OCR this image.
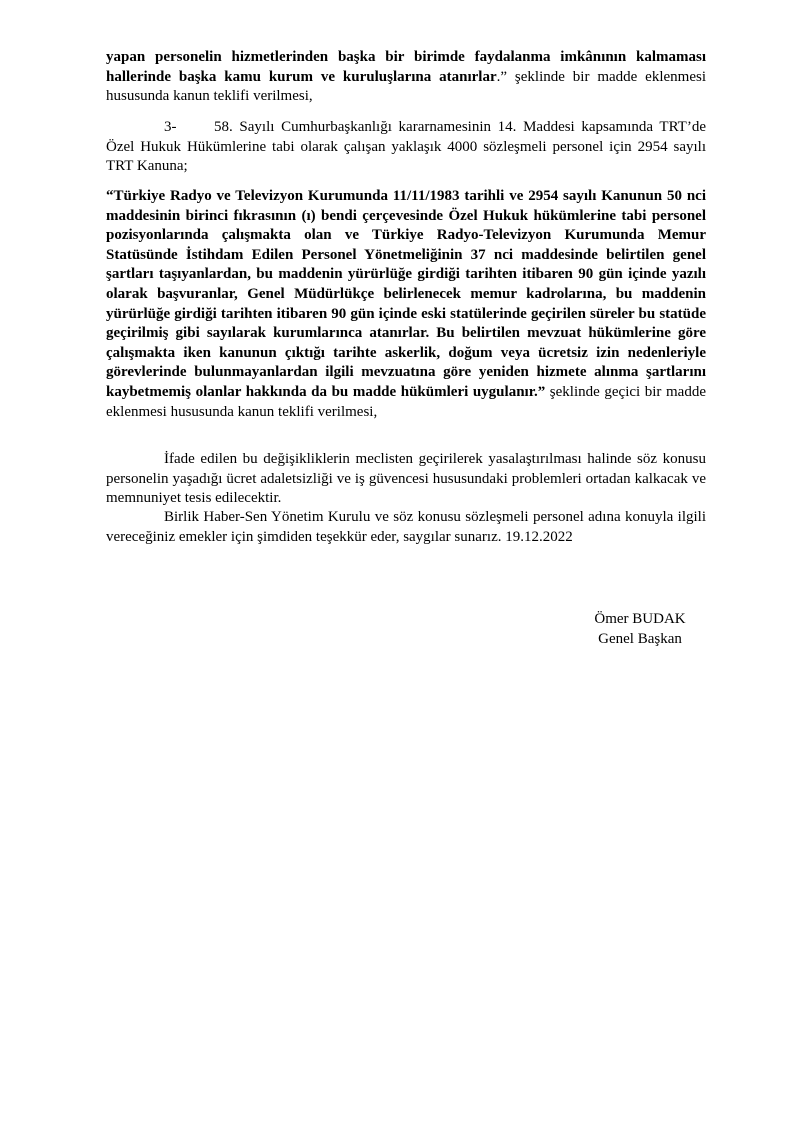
yapan personelin hizmetlerinden başka bir birimde faydalanma imkânının kalmaması hallerinde başka kamu kurum ve kuruluşlarına atanırlar.” şeklinde bir madde eklenmesi hususunda kanun teklifi verilmesi,

3-	58. Sayılı Cumhurbaşkanlığı kararnamesinin 14. Maddesi kapsamında TRT’de Özel Hukuk Hükümlerine tabi olarak çalışan yaklaşık 4000 sözleşmeli personel için 2954 sayılı TRT Kanuna;

“Türkiye Radyo ve Televizyon Kurumunda 11/11/1983 tarihli ve 2954 sayılı Kanunun 50 nci maddesinin birinci fıkrasının (ı) bendi çerçevesinde Özel Hukuk hükümlerine tabi personel pozisyonlarında çalışmakta olan ve Türkiye Radyo-Televizyon Kurumunda Memur Statüsünde İstihdam Edilen Personel Yönetmeliğinin 37 nci maddesinde belirtilen genel şartları taşıyanlardan, bu maddenin yürürlüğe girdiği tarihten itibaren 90 gün içinde yazılı olarak başvuranlar, Genel Müdürlükçe belirlenecek memur kadrolarına, bu maddenin yürürlüğe girdiği tarihten itibaren 90 gün içinde eski statülerinde geçirilen süreler bu statüde geçirilmiş gibi sayılarak kurumlarınca atanırlar. Bu belirtilen mevzuat hükümlerine göre çalışmakta iken kanunun çıktığı tarihte askerlik, doğum veya ücretsiz izin nedenleriyle görevlerinde bulunmayanlardan ilgili mevzuatına göre yeniden hizmete alınma şartlarını kaybetmemiş olanlar hakkında da bu madde hükümleri uygulanır.” şeklinde geçici bir madde eklenmesi hususunda kanun teklifi verilmesi,

İfade edilen bu değişikliklerin meclisten geçirilerek yasalaştırılması halinde söz konusu personelin yaşadığı ücret adaletsizliği ve iş güvencesi hususundaki problemleri ortadan kalkacak ve memnuniyet tesis edilecektir.

Birlik Haber-Sen Yönetim Kurulu ve söz konusu sözleşmeli personel adına konuyla ilgili vereceğiniz emekler için şimdiden teşekkür eder, saygılar sunarız. 19.12.2022

Ömer BUDAK
Genel Başkan
